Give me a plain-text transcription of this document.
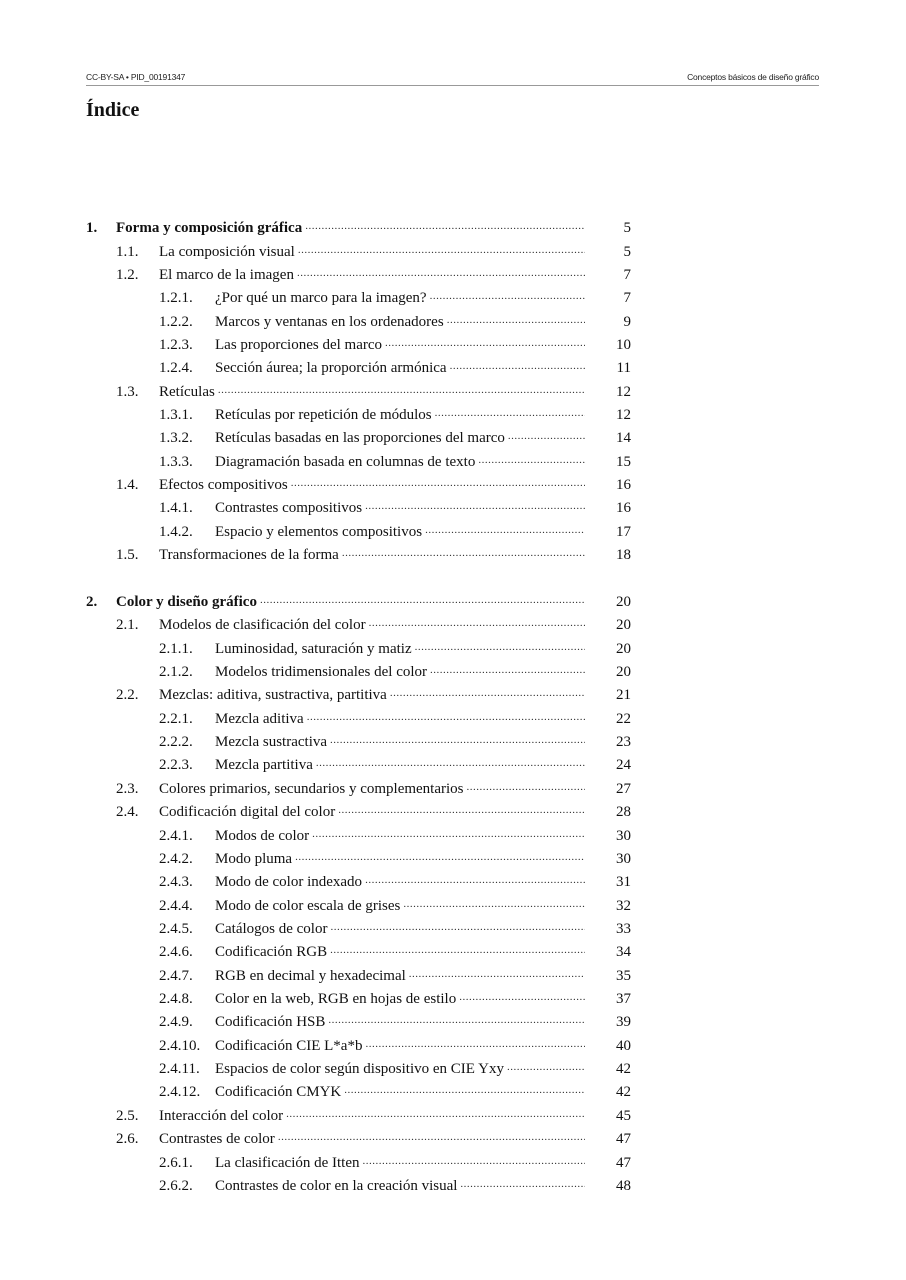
CC-BY-SA • PID_00191347	Conceptos básicos de diseño gráfico
Índice
1.	Forma y composición gráfica .....	5
1.1.	La composición visual .....	5
1.2.	El marco de la imagen .....	7
1.2.1.	¿Por qué un marco para la imagen? .....	7
1.2.2.	Marcos y ventanas en los ordenadores .....	9
1.2.3.	Las proporciones del marco .....	10
1.2.4.	Sección áurea; la proporción armónica .....	11
1.3.	Retículas .....	12
1.3.1.	Retículas por repetición de módulos .....	12
1.3.2.	Retículas basadas en las proporciones del marco .....	14
1.3.3.	Diagramación basada en columnas de texto .....	15
1.4.	Efectos compositivos .....	16
1.4.1.	Contrastes compositivos .....	16
1.4.2.	Espacio y elementos compositivos .....	17
1.5.	Transformaciones de la forma .....	18
2.	Color y diseño gráfico .....	20
2.1.	Modelos de clasificación del color .....	20
2.1.1.	Luminosidad, saturación y matiz .....	20
2.1.2.	Modelos tridimensionales del color .....	20
2.2.	Mezclas: aditiva, sustractiva, partitiva .....	21
2.2.1.	Mezcla aditiva .....	22
2.2.2.	Mezcla sustractiva .....	23
2.2.3.	Mezcla partitiva .....	24
2.3.	Colores primarios, secundarios y complementarios .....	27
2.4.	Codificación digital del color .....	28
2.4.1.	Modos de color .....	30
2.4.2.	Modo pluma .....	30
2.4.3.	Modo de color indexado .....	31
2.4.4.	Modo de color escala de grises .....	32
2.4.5.	Catálogos de color .....	33
2.4.6.	Codificación RGB .....	34
2.4.7.	RGB en decimal y hexadecimal .....	35
2.4.8.	Color en la web, RGB en hojas de estilo .....	37
2.4.9.	Codificación HSB .....	39
2.4.10. Codificación CIE L*a*b .....	40
2.4.11.	Espacios de color según dispositivo en CIE Yxy .....	42
2.4.12. Codificación CMYK .....	42
2.5.	Interacción del color .....	45
2.6.	Contrastes de color .....	47
2.6.1.	La clasificación de Itten .....	47
2.6.2.	Contrastes de color en la creación visual .....	48
